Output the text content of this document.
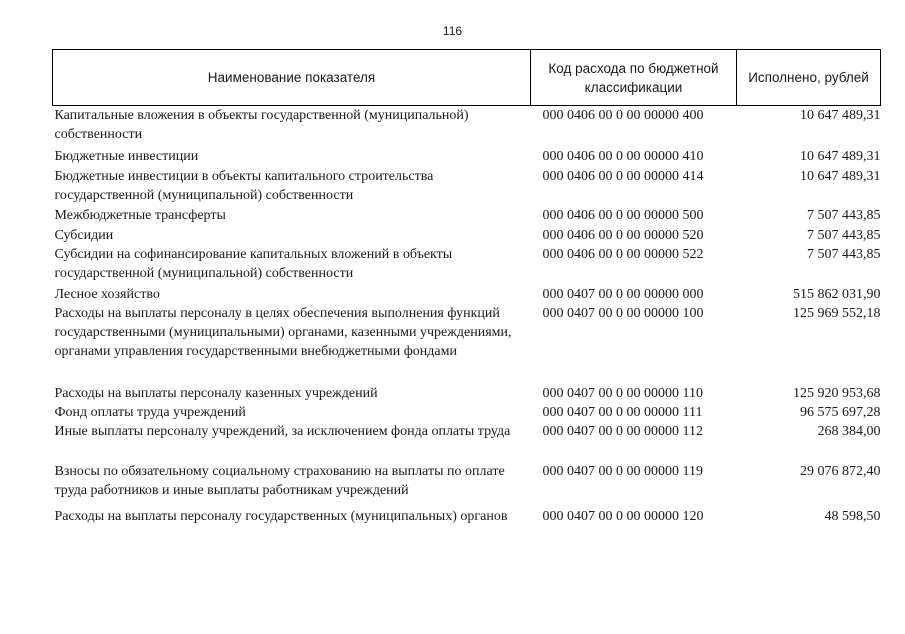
116
Наименование показателя	Код расхода по бюджетной классификации	Исполнено, рублей
Капитальные вложения в объекты государственной (муниципальной) собственности	000 0406 00 0 00 00000 400	10 647 489,31
Бюджетные инвестиции	000 0406 00 0 00 00000 410	10 647 489,31
Бюджетные инвестиции в объекты капитального строительства государственной (муниципальной) собственности	000 0406 00 0 00 00000 414	10 647 489,31
Межбюджетные трансферты	000 0406 00 0 00 00000 500	7 507 443,85
Субсидии	000 0406 00 0 00 00000 520	7 507 443,85
Субсидии на софинансирование капитальных вложений в объекты государственной (муниципальной) собственности	000 0406 00 0 00 00000 522	7 507 443,85
Лесное хозяйство	000 0407 00 0 00 00000 000	515 862 031,90
Расходы на выплаты персоналу в целях обеспечения выполнения функций государственными (муниципальными) органами, казенными учреждениями, органами управления государственными внебюджетными фондами	000 0407 00 0 00 00000 100	125 969 552,18
Расходы на выплаты персоналу казенных учреждений	000 0407 00 0 00 00000 110	125 920 953,68
Фонд оплаты труда учреждений	000 0407 00 0 00 00000 111	96 575 697,28
Иные выплаты персоналу учреждений, за исключением фонда оплаты труда	000 0407 00 0 00 00000 112	268 384,00
Взносы по обязательному социальному страхованию на выплаты по оплате труда работников и иные выплаты работникам учреждений	000 0407 00 0 00 00000 119	29 076 872,40
Расходы на выплаты персоналу государственных (муниципальных) органов	000 0407 00 0 00 00000 120	48 598,50
